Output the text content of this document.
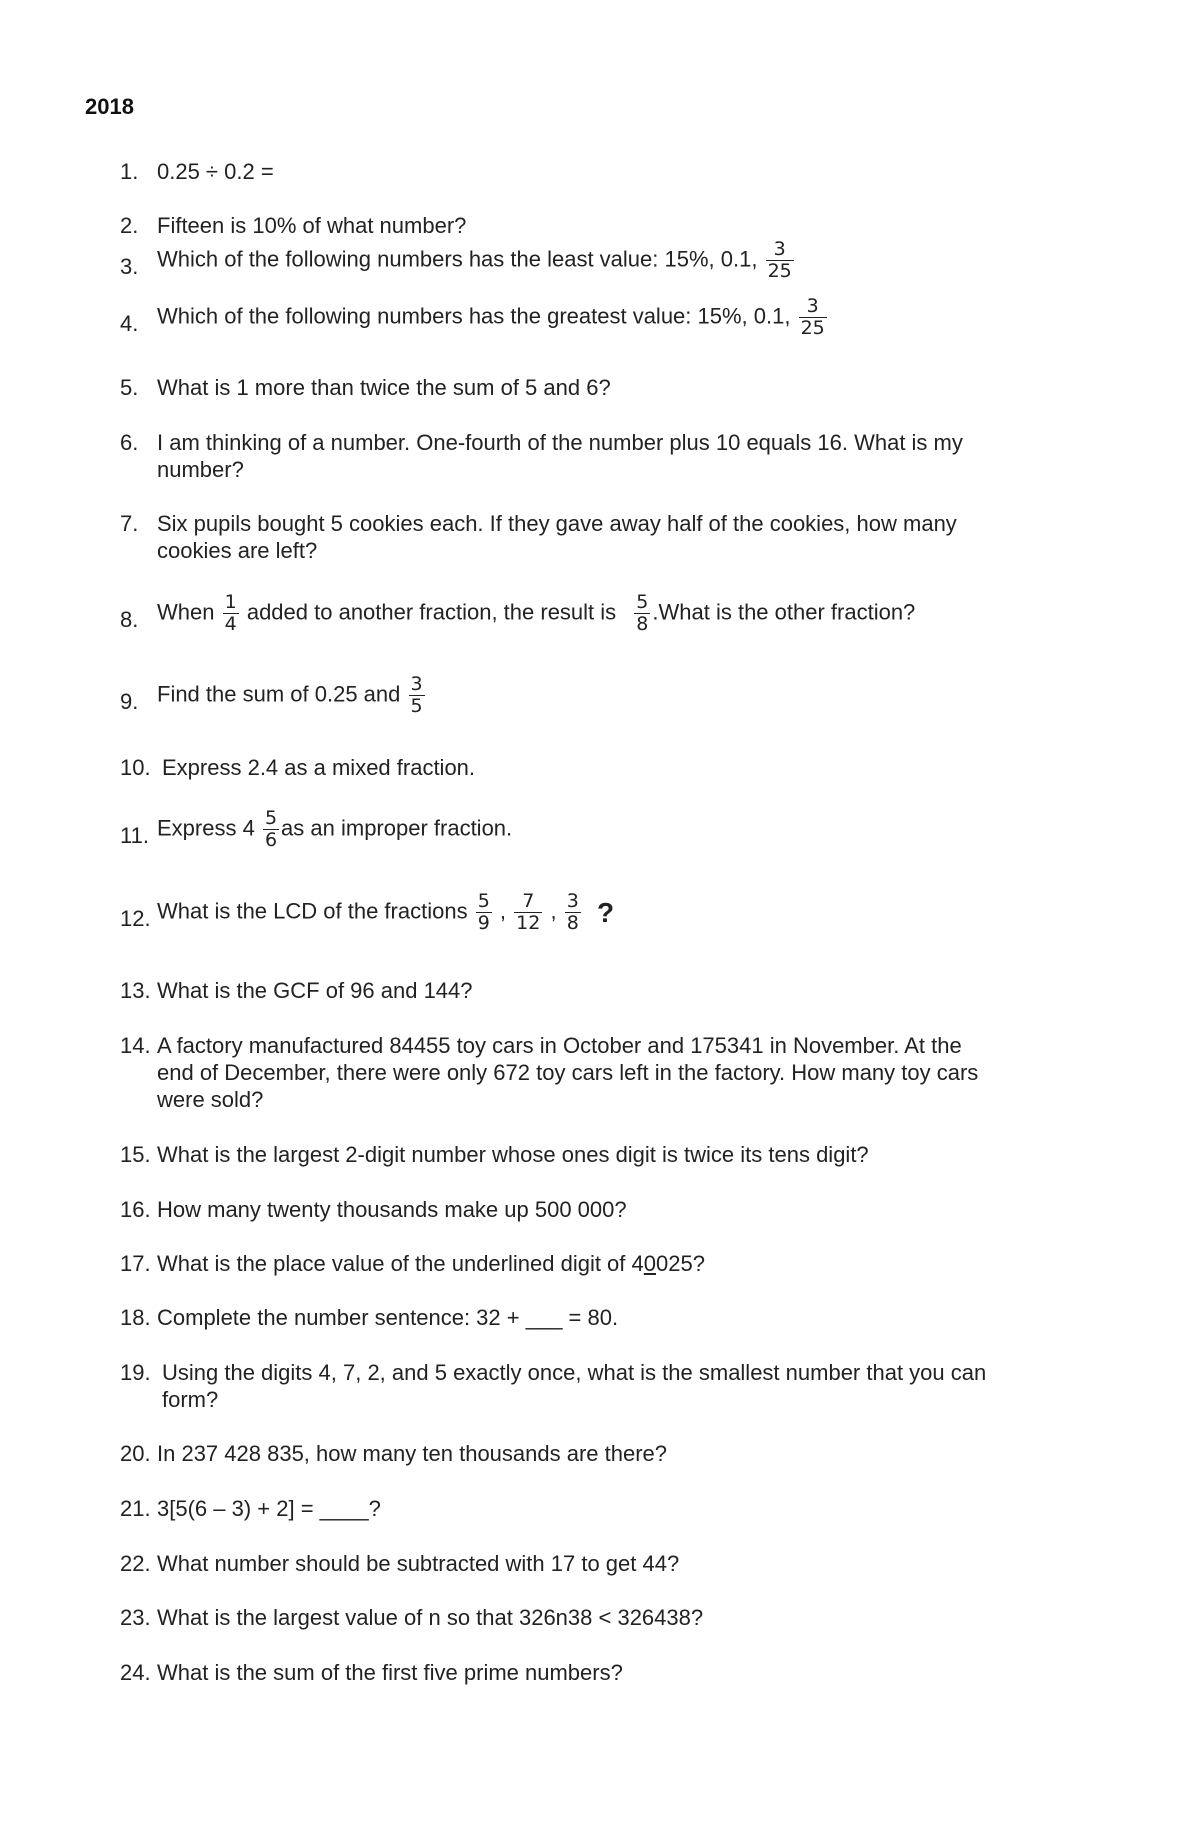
2018
1. 0.25 ÷ 0.2 =
2. Fifteen is 10% of what number?
3. Which of the following numbers has the least value: 15%, 0.1, $\frac{3}{25}$
4. Which of the following numbers has the greatest value: 15%, 0.1, $\frac{3}{25}$
5. What is 1 more than twice the sum of 5 and 6?
6. I am thinking of a number. One-fourth of the number plus 10 equals 16. What is my number?
7. Six pupils bought 5 cookies each. If they gave away half of the cookies, how many cookies are left?
8. When $\frac{1}{4}$ added to another fraction, the result is $\frac{5}{8}$ .What is the other fraction?
9. Find the sum of 0.25 and $\frac{3}{5}$
10. Express 2.4 as a mixed fraction.
11. Express $4 \frac{5}{6}$ as an improper fraction.
12. What is the LCD of the fractions $\frac{5}{9}$ , $\frac{7}{12}$ , $\frac{3}{8}$ ?
13. What is the GCF of 96 and 144?
14. A factory manufactured 84455 toy cars in October and 175341 in November. At the end of December, there were only 672 toy cars left in the factory. How many toy cars were sold?
15. What is the largest 2-digit number whose ones digit is twice its tens digit?
16. How many twenty thousands make up 500 000?
17. What is the place value of the underlined digit of 40025?
18. Complete the number sentence: 32 + ___ = 80.
19. Using the digits 4, 7, 2, and 5 exactly once, what is the smallest number that you can form?
20. In 237 428 835, how many ten thousands are there?
21. 3[5(6 – 3) + 2] = ____?
22. What number should be subtracted with 17 to get 44?
23. What is the largest value of n so that 326n38 < 326438?
24. What is the sum of the first five prime numbers?
